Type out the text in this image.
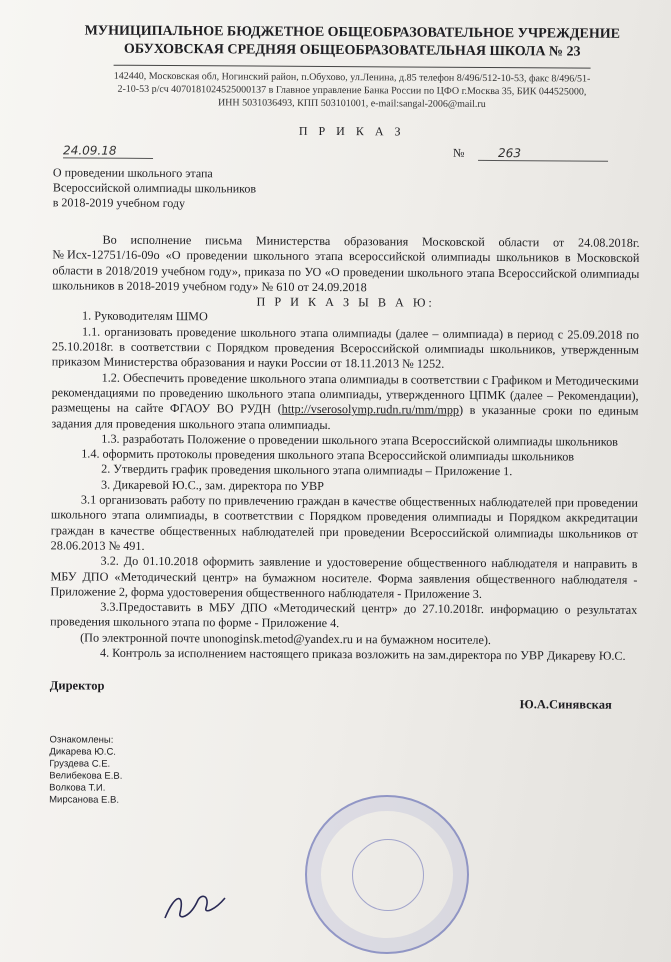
МУНИЦИПАЛЬНОЕ БЮДЖЕТНОЕ ОБЩЕОБРАЗОВАТЕЛЬНОЕ УЧРЕЖДЕНИЕ
ОБУХОВСКАЯ СРЕДНЯЯ ОБЩЕОБРАЗОВАТЕЛЬНАЯ ШКОЛА № 23
142440, Московская обл, Ногинский район, п.Обухово, ул.Ленина, д.85 телефон 8/496/512-10-53, факс 8/496/51-
2-10-53 р/сч 40701810245250001З7 в Главное управление Банка России по ЦФО г.Москва 35, БИК 044525000,
ИНН 5031036493, КПП 503101001, e-mail:sangal-2006@mail.ru
П Р И К А З
24.09.18	№	263
О проведении школьного этапа
Всероссийской олимпиады школьников
в 2018-2019 учебном году

Во исполнение письма Министерства образования Московской области от 24.08.2018г. №Исх-12751/16-09о «О проведении школьного этапа всероссийской олимпиады школьников в Московской области в 2018/2019 учебном году», приказа по УО «О проведении школьного этапа Всероссийской олимпиады школьников в 2018-2019 учебном году» № 610 от 24.09.2018

П Р И К А З Ы В А Ю:

1. Руководителям ШМО

1.1. организовать проведение школьного этапа олимпиады (далее – олимпиада) в период с 25.09.2018 по 25.10.2018г. в соответствии с Порядком проведения Всероссийской олимпиады школьников, утвержденным приказом Министерства образования и науки России от 18.11.2013 № 1252.

1.2. Обеспечить проведение школьного этапа олимпиады в соответствии с Графиком и Методическими рекомендациями по проведению школьного этапа олимпиады, утвержденного ЦПМК (далее – Рекомендации), размещены на сайте ФГАОУ ВО РУДН (http://vserosolymp.rudn.ru/mm/mpp) в указанные сроки по единым задания для проведения школьного этапа олимпиады.

1.3. разработать Положение о проведении школьного этапа Всероссийской олимпиады школьников

1.4. оформить протоколы проведения школьного этапа Всероссийской олимпиады школьников

2. Утвердить график проведения школьного этапа олимпиады – Приложение 1.

3. Дикаревой Ю.С., зам. директора по УВР

3.1 организовать работу по привлечению граждан в качестве общественных наблюдателей при проведении школьного этапа олимпиады, в соответствии с Порядком проведения олимпиады и Порядком аккредитации граждан в качестве общественных наблюдателей при проведении Всероссийской олимпиады школьников от 28.06.2013 № 491.

3.2. До 01.10.2018 оформить заявление и удостоверение общественного наблюдателя и направить в МБУ ДПО «Методический центр» на бумажном носителе. Форма заявления общественного наблюдателя - Приложение 2, форма удостоверения общественного наблюдателя - Приложение 3.

3.3.Предоставить в МБУ ДПО «Методический центр» до 27.10.2018г. информацию о результатах проведения школьного этапа по форме - Приложение 4.

(По электронной почте unonoginsk.metod@yandex.ru и на бумажном носителе).

4. Контроль за исполнением настоящего приказа возложить на зам.директора по УВР Дикареву Ю.С.

Директор
Ю.А.Синявская
Ознакомлены:
Дикарева Ю.С.
Груздева С.Е.
Велибекова Е.В.
Волкова Т.И.
Мирсанова Е.В.
